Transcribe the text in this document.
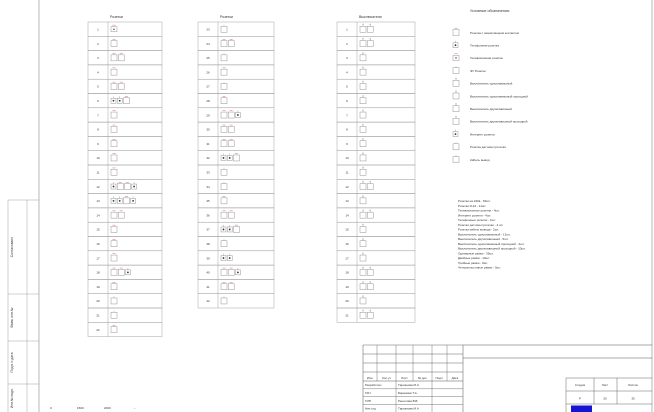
Розетки
1
2
3
4
5
6
7
8
9
10
11
12
13
14
15
16
17
18
19
20
21
22
Розетки
23
24
25
26
27
28
29
30
31
32
33
34
35
36
37
38
39
40
41
42
Выключатели
1
2
3
4
5
6
7
8
9
10
11
12
13
14
15
16
17
18
19
20
21
Условные обозначения:
Розетка с заземляющим контактом
Телефонная розетка
Телевизионная розетка
ЭУ Розетки
Выключатель одноклавишный
Выключатель одноклавишный проходной
Выключатель двухклавишный
Выключатель двухклавишный проходной
Интернет розетка
Розетка датчика протечки
Кабель вывод
Розетки на 220в - 82шт.
Розетки И-44 - 11шт.
Телевизионные розетки - 4шт.
Интернет розетки - 4шт.
Телефонные розетки - 1шт.
Розетки датчика протечки - 4 шт.
Розетки кабель вывода - 2шт.
Выключатель одноклавишный - 13шт.
Выключатель двухклавишный - 5шт.
Выключатель одноклавишный проходной - 4шт.
Выключатель двухклавишный проходной - 10шт.
Одинарные рамки - 39шт.
Двойные рамки - 10шт.
Тройные рамки - 9шт.
Четырехпостовые рамки - 5шт.
Согласовано
Взам. инв.№
Подп. и дата
Инв.№ подл.	0	1500	2000	→
Изм.	Кол.уч	Лист	№ док.	Подп.	Дата
Разработал	Тарханова М.А
ГАП	Баранова Т.А.
ГИП	Решетова В.В.
Нач.отд	Тарханова М.А
Стадия	Лист	Листов
Р	20	35
